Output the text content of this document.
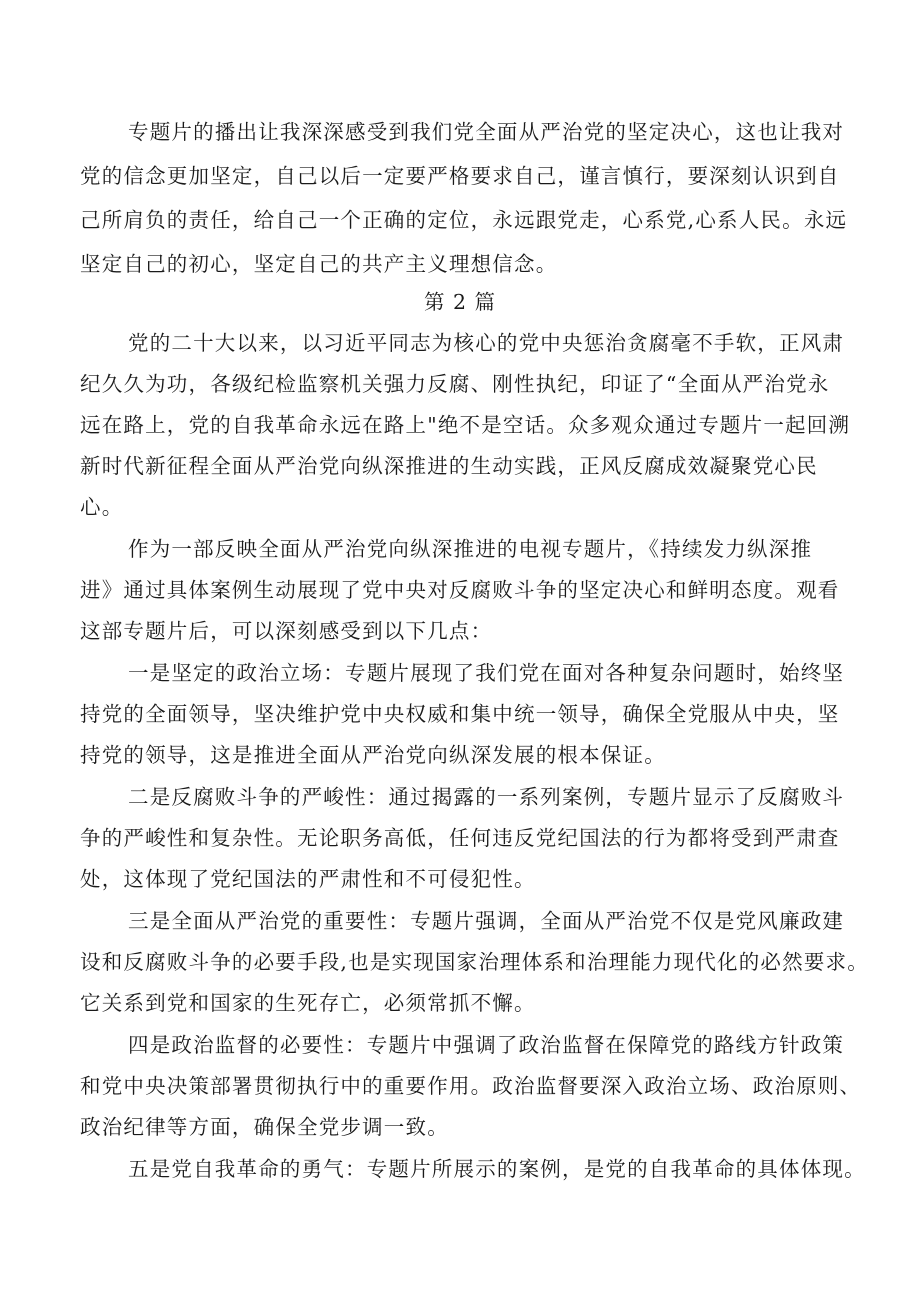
专题片的播出让我深深感受到我们党全面从严治党的坚定决心，这也让我对
党的信念更加坚定，自己以后一定要严格要求自己，谨言慎行，要深刻认识到自
己所肩负的责任，给自己一个正确的定位，永远跟党走，心系党,心系人民。永远
坚定自己的初心，坚定自己的共产主义理想信念。
第 2 篇
党的二十大以来，以习近平同志为核心的党中央惩治贪腐毫不手软，正风肃
纪久久为功，各级纪检监察机关强力反腐、刚性执纪，印证了“全面从严治党永
远在路上，党的自我革命永远在路上"绝不是空话。众多观众通过专题片一起回溯
新时代新征程全面从严治党向纵深推进的生动实践，正风反腐成效凝聚党心民
心。
作为一部反映全面从严治党向纵深推进的电视专题片，《持续发力纵深推
进》通过具体案例生动展现了党中央对反腐败斗争的坚定决心和鲜明态度。观看
这部专题片后，可以深刻感受到以下几点：
一是坚定的政治立场：专题片展现了我们党在面对各种复杂问题时，始终坚
持党的全面领导，坚决维护党中央权威和集中统一领导，确保全党服从中央，坚
持党的领导，这是推进全面从严治党向纵深发展的根本保证。
二是反腐败斗争的严峻性：通过揭露的一系列案例，专题片显示了反腐败斗
争的严峻性和复杂性。无论职务高低，任何违反党纪国法的行为都将受到严肃查
处，这体现了党纪国法的严肃性和不可侵犯性。
三是全面从严治党的重要性：专题片强调，全面从严治党不仅是党风廉政建
设和反腐败斗争的必要手段,也是实现国家治理体系和治理能力现代化的必然要求。
它关系到党和国家的生死存亡，必须常抓不懈。
四是政治监督的必要性：专题片中强调了政治监督在保障党的路线方针政策
和党中央决策部署贯彻执行中的重要作用。政治监督要深入政治立场、政治原则、
政治纪律等方面，确保全党步调一致。
五是党自我革命的勇气：专题片所展示的案例，是党的自我革命的具体体现。
